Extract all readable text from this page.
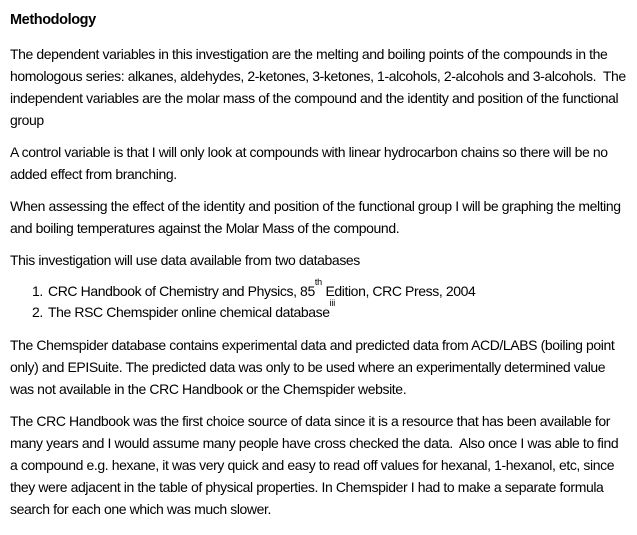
Methodology

The dependent variables in this investigation are the melting and boiling points of the compounds in the homologous series: alkanes, aldehydes, 2-ketones, 3-ketones, 1-alcohols, 2-alcohols and 3-alcohols.  The independent variables are the molar mass of the compound and the identity and position of the functional group

A control variable is that I will only look at compounds with linear hydrocarbon chains so there will be no added effect from branching.

When assessing the effect of the identity and position of the functional group I will be graphing the melting and boiling temperatures against the Molar Mass of the compound.

This investigation will use data available from two databases

1. CRC Handbook of Chemistry and Physics, 85th Edition, CRC Press, 2004
2. The RSC Chemspider online chemical database$^{iii}$

The Chemspider database contains experimental data and predicted data from ACD/LABS (boiling point only) and EPISuite. The predicted data was only to be used where an experimentally determined value was not available in the CRC Handbook or the Chemspider website.

The CRC Handbook was the first choice source of data since it is a resource that has been available for many years and I would assume many people have cross checked the data.  Also once I was able to find a compound e.g. hexane, it was very quick and easy to read off values for hexanal, 1-hexanol, etc, since they were adjacent in the table of physical properties. In Chemspider I had to make a separate formula search for each one which was much slower.
